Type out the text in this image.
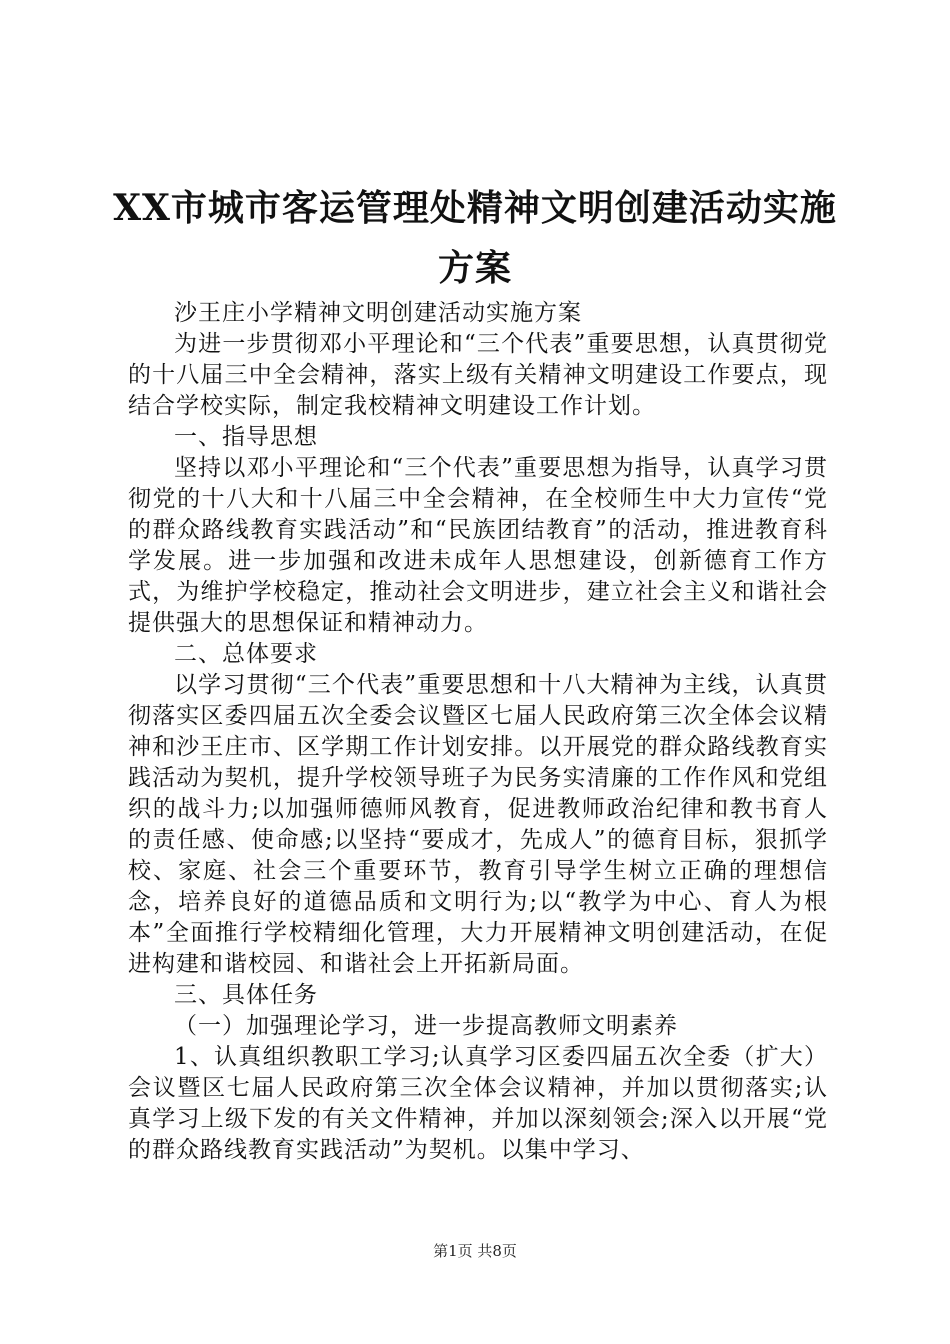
XX市城市客运管理处精神文明创建活动实施
方案

沙王庄小学精神文明创建活动实施方案

为进一步贯彻邓小平理论和“三个代表”重要思想，认真贯彻党的十八届三中全会精神，落实上级有关精神文明建设工作要点，现结合学校实际，制定我校精神文明建设工作计划。

一、指导思想

坚持以邓小平理论和“三个代表”重要思想为指导，认真学习贯彻党的十八大和十八届三中全会精神，在全校师生中大力宣传“党的群众路线教育实践活动”和“民族团结教育”的活动，推进教育科学发展。进一步加强和改进未成年人思想建设，创新德育工作方式，为维护学校稳定，推动社会文明进步，建立社会主义和谐社会提供强大的思想保证和精神动力。

二、总体要求

以学习贯彻“三个代表”重要思想和十八大精神为主线，认真贯彻落实区委四届五次全委会议暨区七届人民政府第三次全体会议精神和沙王庄市、区学期工作计划安排。以开展党的群众路线教育实践活动为契机，提升学校领导班子为民务实清廉的工作作风和党组织的战斗力;以加强师德师风教育，促进教师政治纪律和教书育人的责任感、使命感;以坚持“要成才，先成人”的德育目标，狠抓学校、家庭、社会三个重要环节，教育引导学生树立正确的理想信念，培养良好的道德品质和文明行为;以“教学为中心、育人为根本”全面推行学校精细化管理，大力开展精神文明创建活动，在促进构建和谐校园、和谐社会上开拓新局面。

三、具体任务

（一）加强理论学习，进一步提高教师文明素养

1、认真组织教职工学习;认真学习区委四届五次全委（扩大）会议暨区七届人民政府第三次全体会议精神，并加以贯彻落实;认真学习上级下发的有关文件精神，并加以深刻领会;深入以开展“党的群众路线教育实践活动”为契机。以集中学习、

第1页 共8页
